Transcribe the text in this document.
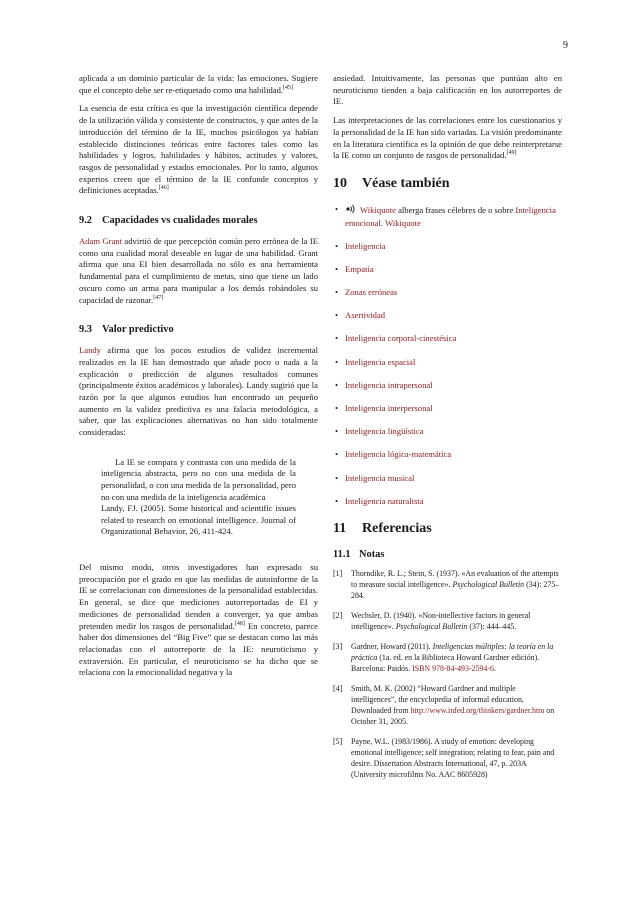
9

aplicada a un dominio particular de la vida: las emociones. Sugiere que el concepto debe ser re-etiquetado como una habilidad.[45]

La esencia de esta crítica es que la investigación científica depende de la utilización válida y consistente de constructos, y que antes de la introducción del término de la IE, muchos psicólogos ya habían establecido distinciones teóricas entre factores tales como las habilidades y logros, habilidades y hábitos, actitudes y valores, rasgos de personalidad y estados emocionales. Por lo tanto, algunos expertos creen que el término de la IE confunde conceptos y definiciones aceptadas.[46]

9.2 Capacidades vs cualidades morales

Adam Grant advirtió de que percepción común pero errónea de la IE como una cualidad moral deseable en lugar de una habilidad. Grant afirma que una EI bien desarrollada no sólo es una herramienta fundamental para el cumplimiento de metas, sino que tiene un lado oscuro como un arma para manipular a los demás robándoles su capacidad de razonar.[47]

9.3 Valor predictivo

Landy afirma que los pocos estudios de validez incremental realizados en la IE han demostrado que añade poco o nada a la explicación o predicción de algunos resultados comunes (principalmente éxitos académicos y laborales). Landy sugirió que la razón por la que algunos estudios han encontrado un pequeño aumento en la validez predictiva es una falacia metodológica, a saber, que las explicaciones alternativas no han sido totalmente consideradas:

La IE se compara y contrasta con una medida de la inteligencia abstracta, pero no con una medida de la personalidad, o con una medida de la personalidad, pero no con una medida de la inteligencia académica
Landy, FJ. (2005). Some historical and scientific issues related to research on emotional intelligence. Journal of Organizational Behavior, 26, 411-424.

Del mismo modo, otros investigadores han expresado su preocupación por el grado en que las medidas de autoinforme de la IE se correlacionan con dimensiones de la personalidad establecidas. En general, se dice que mediciones autorreportadas de EI y mediciones de personalidad tienden a converger, ya que ambas pretenden medir los rasgos de personalidad.[48] En concreto, parece haber dos dimensiones del “Big Five” que se destacan como las más relacionadas con el autorreporte de la IE: neuroticismo y extraversión. En particular, el neuroticismo se ha dicho que se relaciona con la emocionalidad negativa y la

ansiedad. Intuitivamente, las personas que puntúan alto en neuroticismo tienden a baja calificación en los autorreportes de IE.

Las interpretaciones de las correlaciones entre los cuestionarios y la personalidad de la IE han sido variadas. La visión predominante en la literatura científica es la opinión de que debe reinterpretarse la IE como un conjunto de rasgos de personalidad.[49]

10 Véase también
•	Wikiquote alberga frases célebres de o sobre Inteligencia emocional. Wikiquote
• Inteligencia
• Empatía
• Zonas erróneas
• Asertividad
• Inteligencia corporal-cinestésica
• Inteligencia espacial
• Inteligencia intrapersonal
• Inteligencia interpersonal
• Inteligencia lingüística
• Inteligencia lógica-matemática
• Inteligencia musical
• Inteligencia naturalista
11 Referencias
11.1 Notas
[1] Thorndike, R. L.; Stein, S. (1937). «An evaluation of the attempts to measure social intelligence». Psychological Bulletin (34): 275–284.
[2] Wechsler, D. (1940). «Non-intellective factors in general intelligence». Psychological Bulletin (37): 444–445.
[3] Gardner, Howard (2011). Inteligencias múltiples: la teoría en la práctica (1a. ed. en la Biblioteca Howard Gardner edición). Barcelona: Paidós. ISBN 978-84-493-2594-6.
[4] Smith, M. K. (2002) “Howard Gardner and multiple intelligences”, the encyclopedia of informal education, Downloaded from http://www.infed.org/thinkers/gardner.htm on October 31, 2005.
[5] Payne, W.L. (1983/1986). A study of emotion: developing emotional intelligence; self integration; relating to fear, pain and desire. Dissertation Abstracts International, 47, p. 203A (University microfilms No. AAC 8605928)
